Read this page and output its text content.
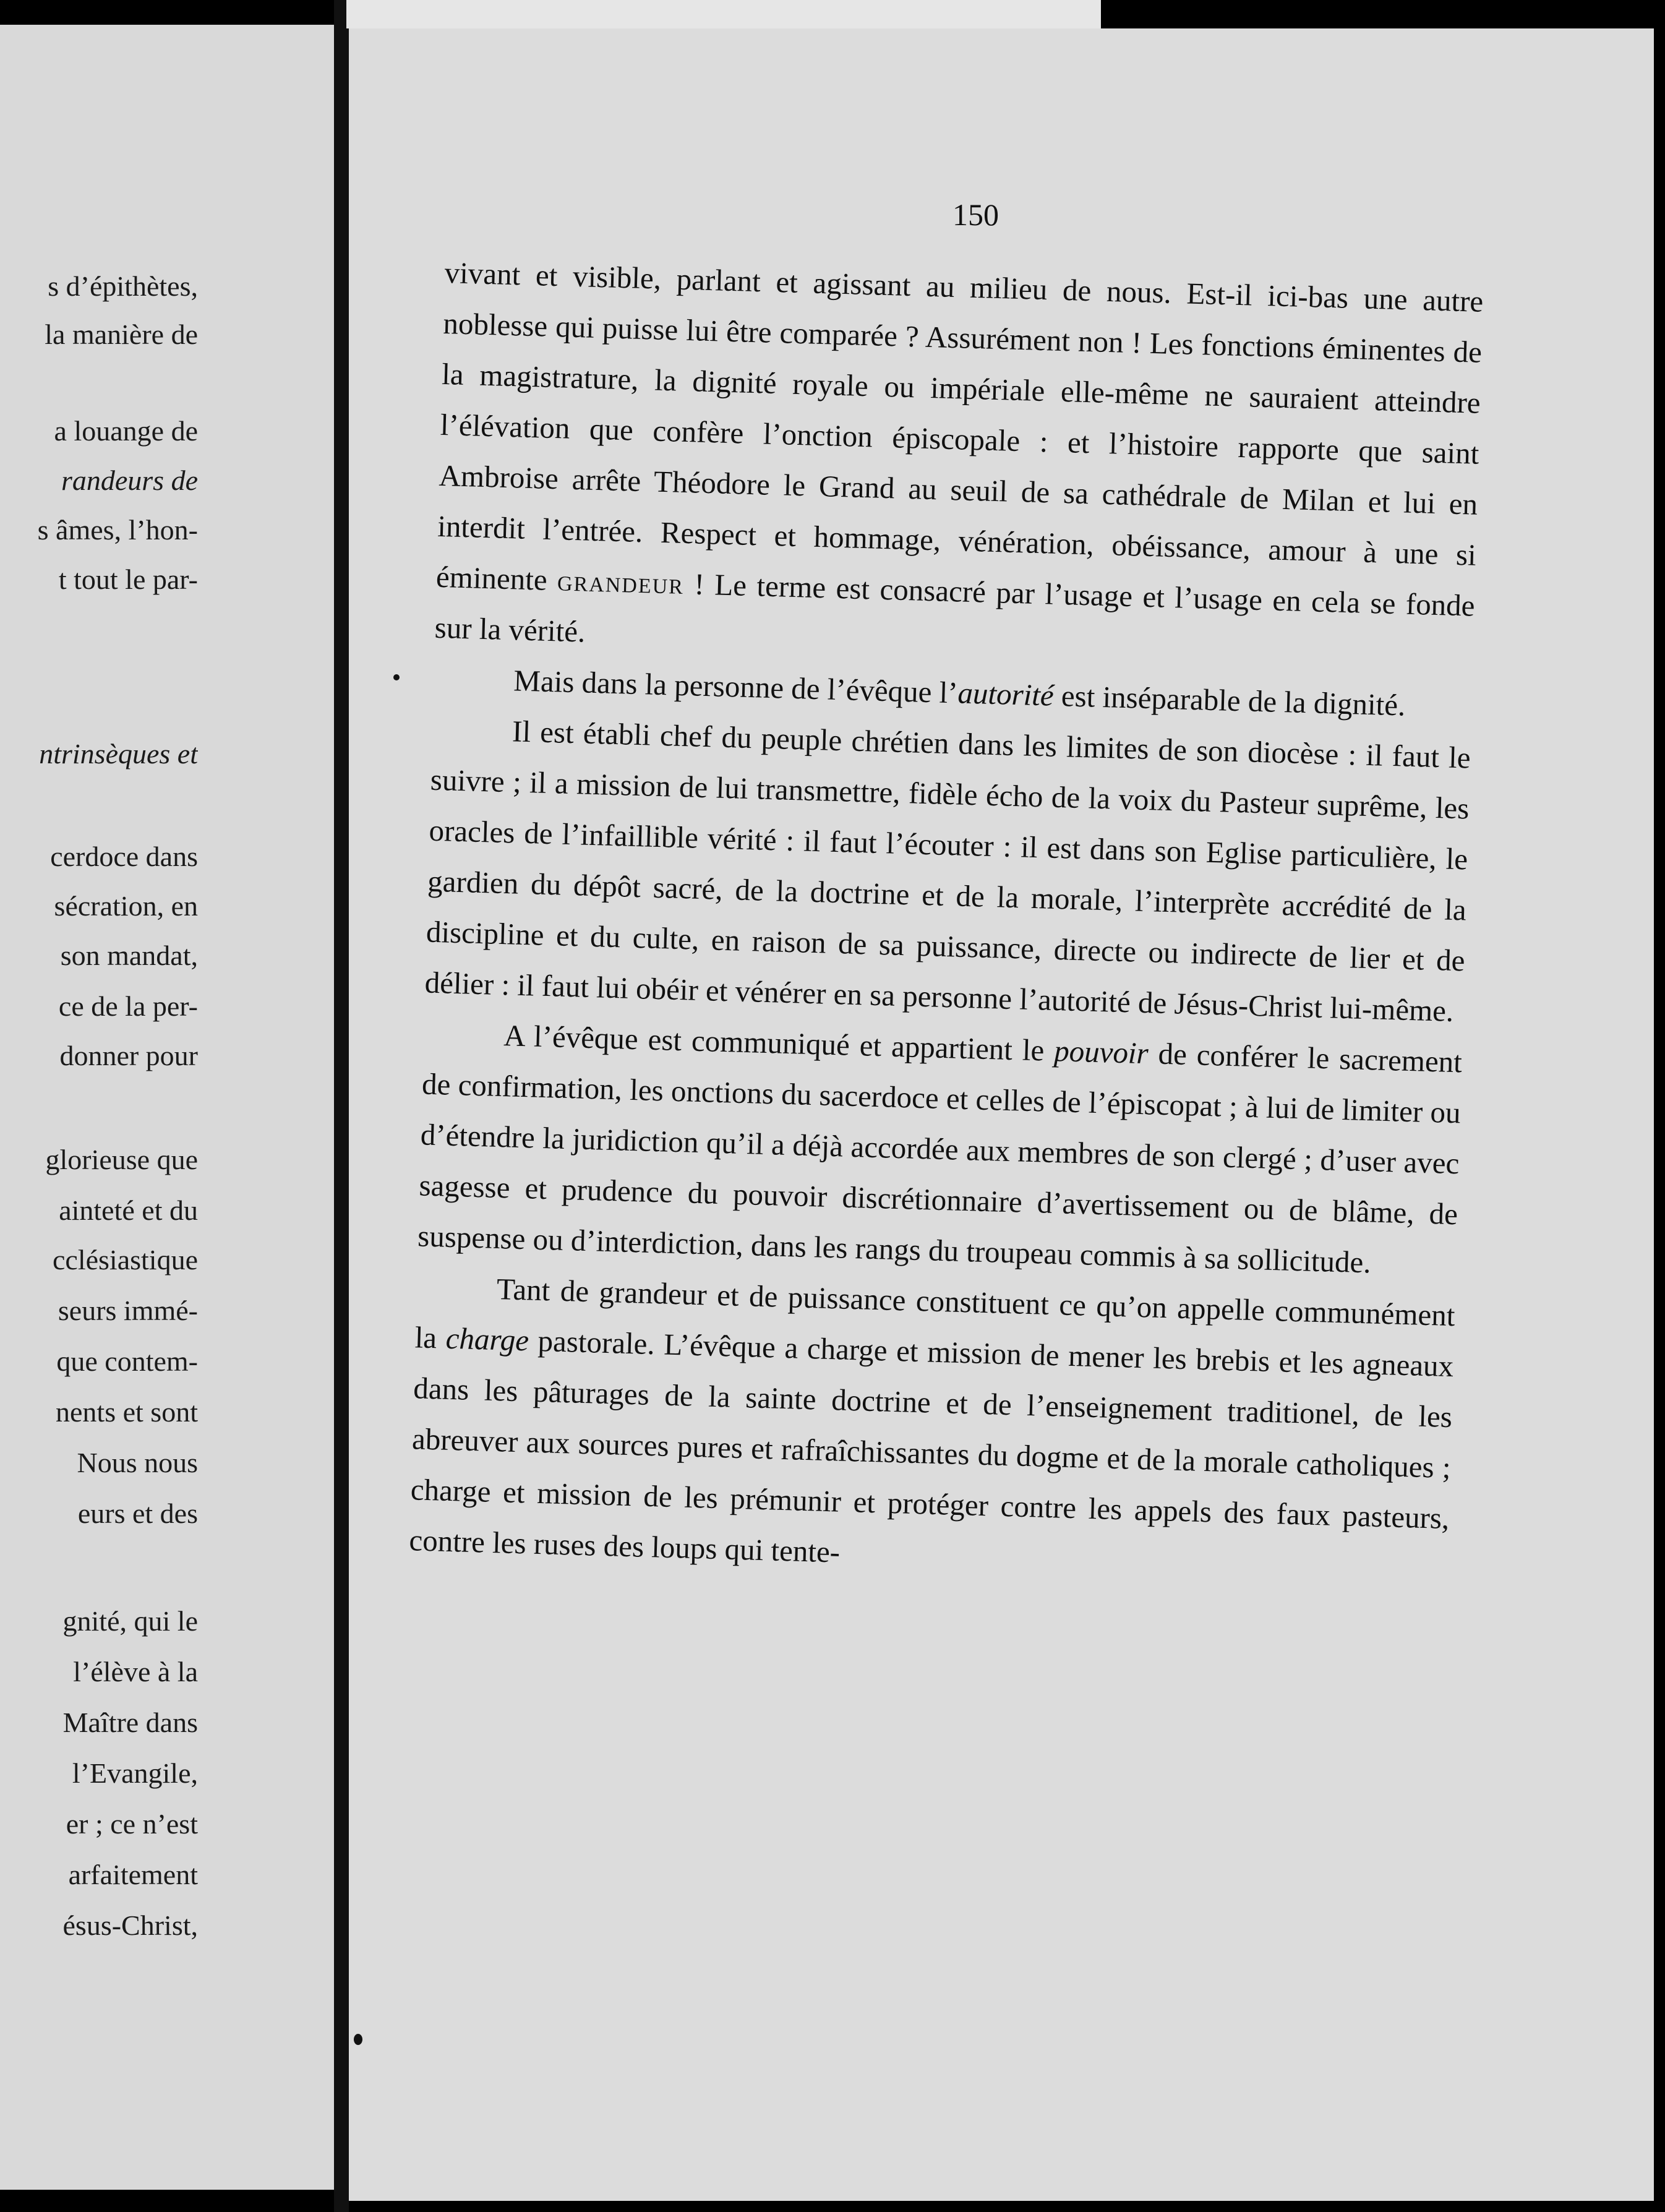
s d’épithètes,
la manière de
a louange de
randeurs de
s âmes, l’hon-
t tout le par-
ntrinsèques et
cerdoce dans
sécration, en
son mandat,
ce de la per-
donner pour
glorieuse que
ainteté et du
cclésiastique
seurs immé-
que contem-
nents et sont
Nous nous
eurs et des
gnité, qui le
l’élève à la
Maître dans
l’Evangile,
er ; ce n’est
arfaitement
ésus-Christ,
150

vivant et visible, parlant et agissant au milieu de nous. Est-il ici-bas une autre noblesse qui puisse lui être comparée ? Assurément non ! Les fonctions éminentes de la magistrature, la dignité royale ou impériale elle-même ne sauraient atteindre l’élévation que confère l’onction épiscopale : et l’histoire rapporte que saint Ambroise arrête Théodore le Grand au seuil de sa cathédrale de Milan et lui en interdit l’entrée. Respect et hommage, vénération, obéissance, amour à une si éminente grandeur ! Le terme est consacré par l’usage et l’usage en cela se fonde sur la vérité.

Mais dans la personne de l’évêque l’autorité est inséparable de la dignité.

Il est établi chef du peuple chrétien dans les limites de son diocèse : il faut le suivre ; il a mission de lui transmettre, fidèle écho de la voix du Pasteur suprême, les oracles de l’infaillible vérité : il faut l’écouter : il est dans son Eglise particulière, le gardien du dépôt sacré, de la doctrine et de la morale, l’interprète accrédité de la discipline et du culte, en raison de sa puissance, directe ou indirecte de lier et de délier : il faut lui obéir et vénérer en sa personne l’autorité de Jésus-Christ lui-même.

A l’évêque est communiqué et appartient le pouvoir de conférer le sacrement de confirmation, les onctions du sacerdoce et celles de l’épiscopat ; à lui de limiter ou d’étendre la juridiction qu’il a déjà accordée aux membres de son clergé ; d’user avec sagesse et prudence du pouvoir discrétionnaire d’avertissement ou de blâme, de suspense ou d’interdiction, dans les rangs du troupeau commis à sa sollicitude.

Tant de grandeur et de puissance constituent ce qu’on appelle communément la charge pastorale. L’évêque a charge et mission de mener les brebis et les agneaux dans les pâturages de la sainte doctrine et de l’enseignement traditionel, de les abreuver aux sources pures et rafraîchissantes du dogme et de la morale catholiques ; charge et mission de les prémunir et protéger contre les appels des faux pasteurs, contre les ruses des loups qui tente-
